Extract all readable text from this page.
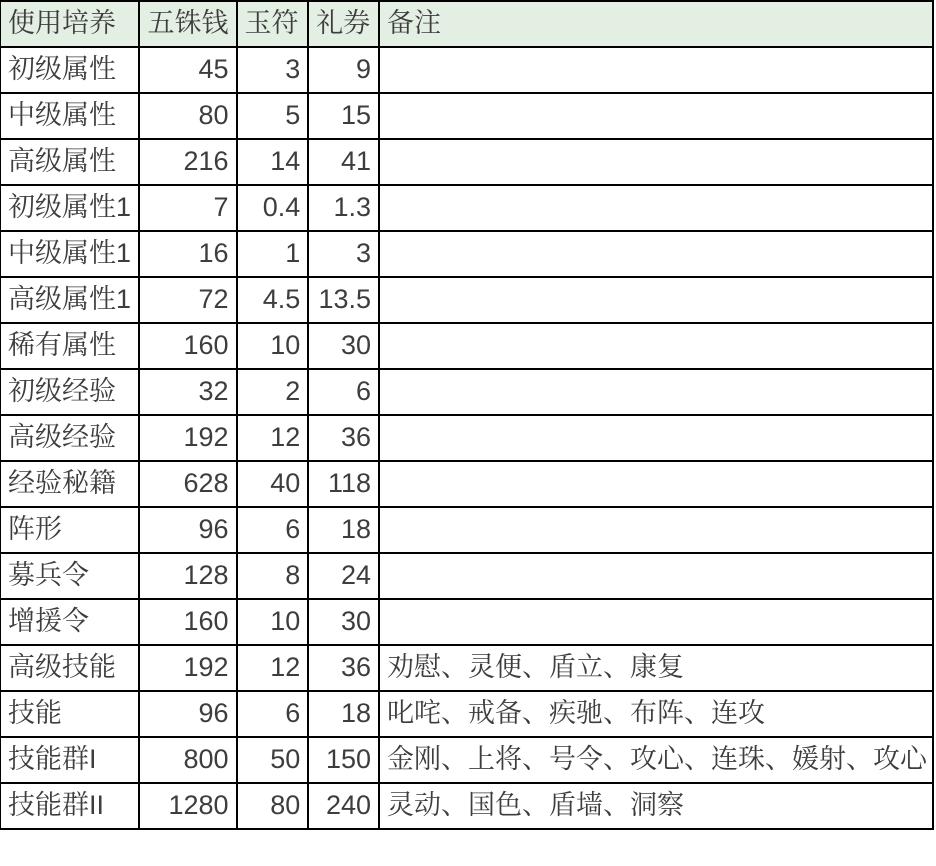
使用培养	五铢钱	玉符	礼券	备注
初级属性	45	3	9	
中级属性	80	5	15	
高级属性	216	14	41	
初级属性1	7	0.4	1.3	
中级属性1	16	1	3	
高级属性1	72	4.5	13.5	
稀有属性	160	10	30	
初级经验	32	2	6	
高级经验	192	12	36	
经验秘籍	628	40	118	
阵形	96	6	18	
募兵令	128	8	24	
增援令	160	10	30	
高级技能	192	12	36	劝慰、灵便、盾立、康复
技能	96	6	18	叱咤、戒备、疾驰、布阵、连攻
技能群I	800	50	150	金刚、上将、号令、攻心、连珠、媛射、攻心
技能群II	1280	80	240	灵动、国色、盾墙、洞察
